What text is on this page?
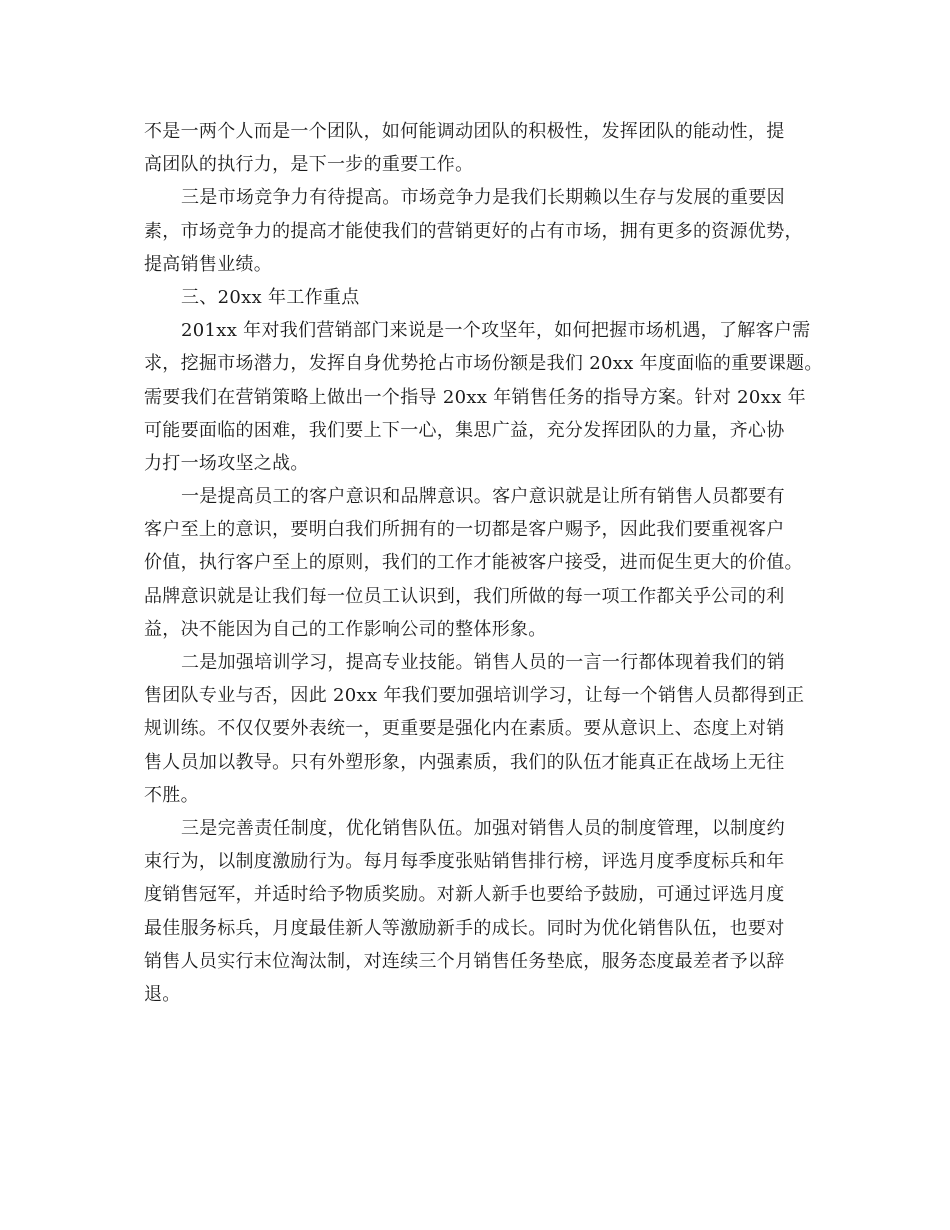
不是一两个人而是一个团队，如何能调动团队的积极性，发挥团队的能动性，提
高团队的执行力，是下一步的重要工作。
三是市场竞争力有待提高。市场竞争力是我们长期赖以生存与发展的重要因
素，市场竞争力的提高才能使我们的营销更好的占有市场，拥有更多的资源优势，
提高销售业绩。
三、20xx 年工作重点
201xx 年对我们营销部门来说是一个攻坚年，如何把握市场机遇，了解客户需
求，挖掘市场潜力，发挥自身优势抢占市场份额是我们 20xx 年度面临的重要课题。
需要我们在营销策略上做出一个指导 20xx 年销售任务的指导方案。针对 20xx 年
可能要面临的困难，我们要上下一心，集思广益，充分发挥团队的力量，齐心协
力打一场攻坚之战。
一是提高员工的客户意识和品牌意识。客户意识就是让所有销售人员都要有
客户至上的意识，要明白我们所拥有的一切都是客户赐予，因此我们要重视客户
价值，执行客户至上的原则，我们的工作才能被客户接受，进而促生更大的价值。
品牌意识就是让我们每一位员工认识到，我们所做的每一项工作都关乎公司的利
益，决不能因为自己的工作影响公司的整体形象。
二是加强培训学习，提高专业技能。销售人员的一言一行都体现着我们的销
售团队专业与否，因此 20xx 年我们要加强培训学习，让每一个销售人员都得到正
规训练。不仅仅要外表统一，更重要是强化内在素质。要从意识上、态度上对销
售人员加以教导。只有外塑形象，内强素质，我们的队伍才能真正在战场上无往
不胜。
三是完善责任制度，优化销售队伍。加强对销售人员的制度管理，以制度约
束行为，以制度激励行为。每月每季度张贴销售排行榜，评选月度季度标兵和年
度销售冠军，并适时给予物质奖励。对新人新手也要给予鼓励，可通过评选月度
最佳服务标兵，月度最佳新人等激励新手的成长。同时为优化销售队伍，也要对
销售人员实行末位淘汰制，对连续三个月销售任务垫底，服务态度最差者予以辞
退。
